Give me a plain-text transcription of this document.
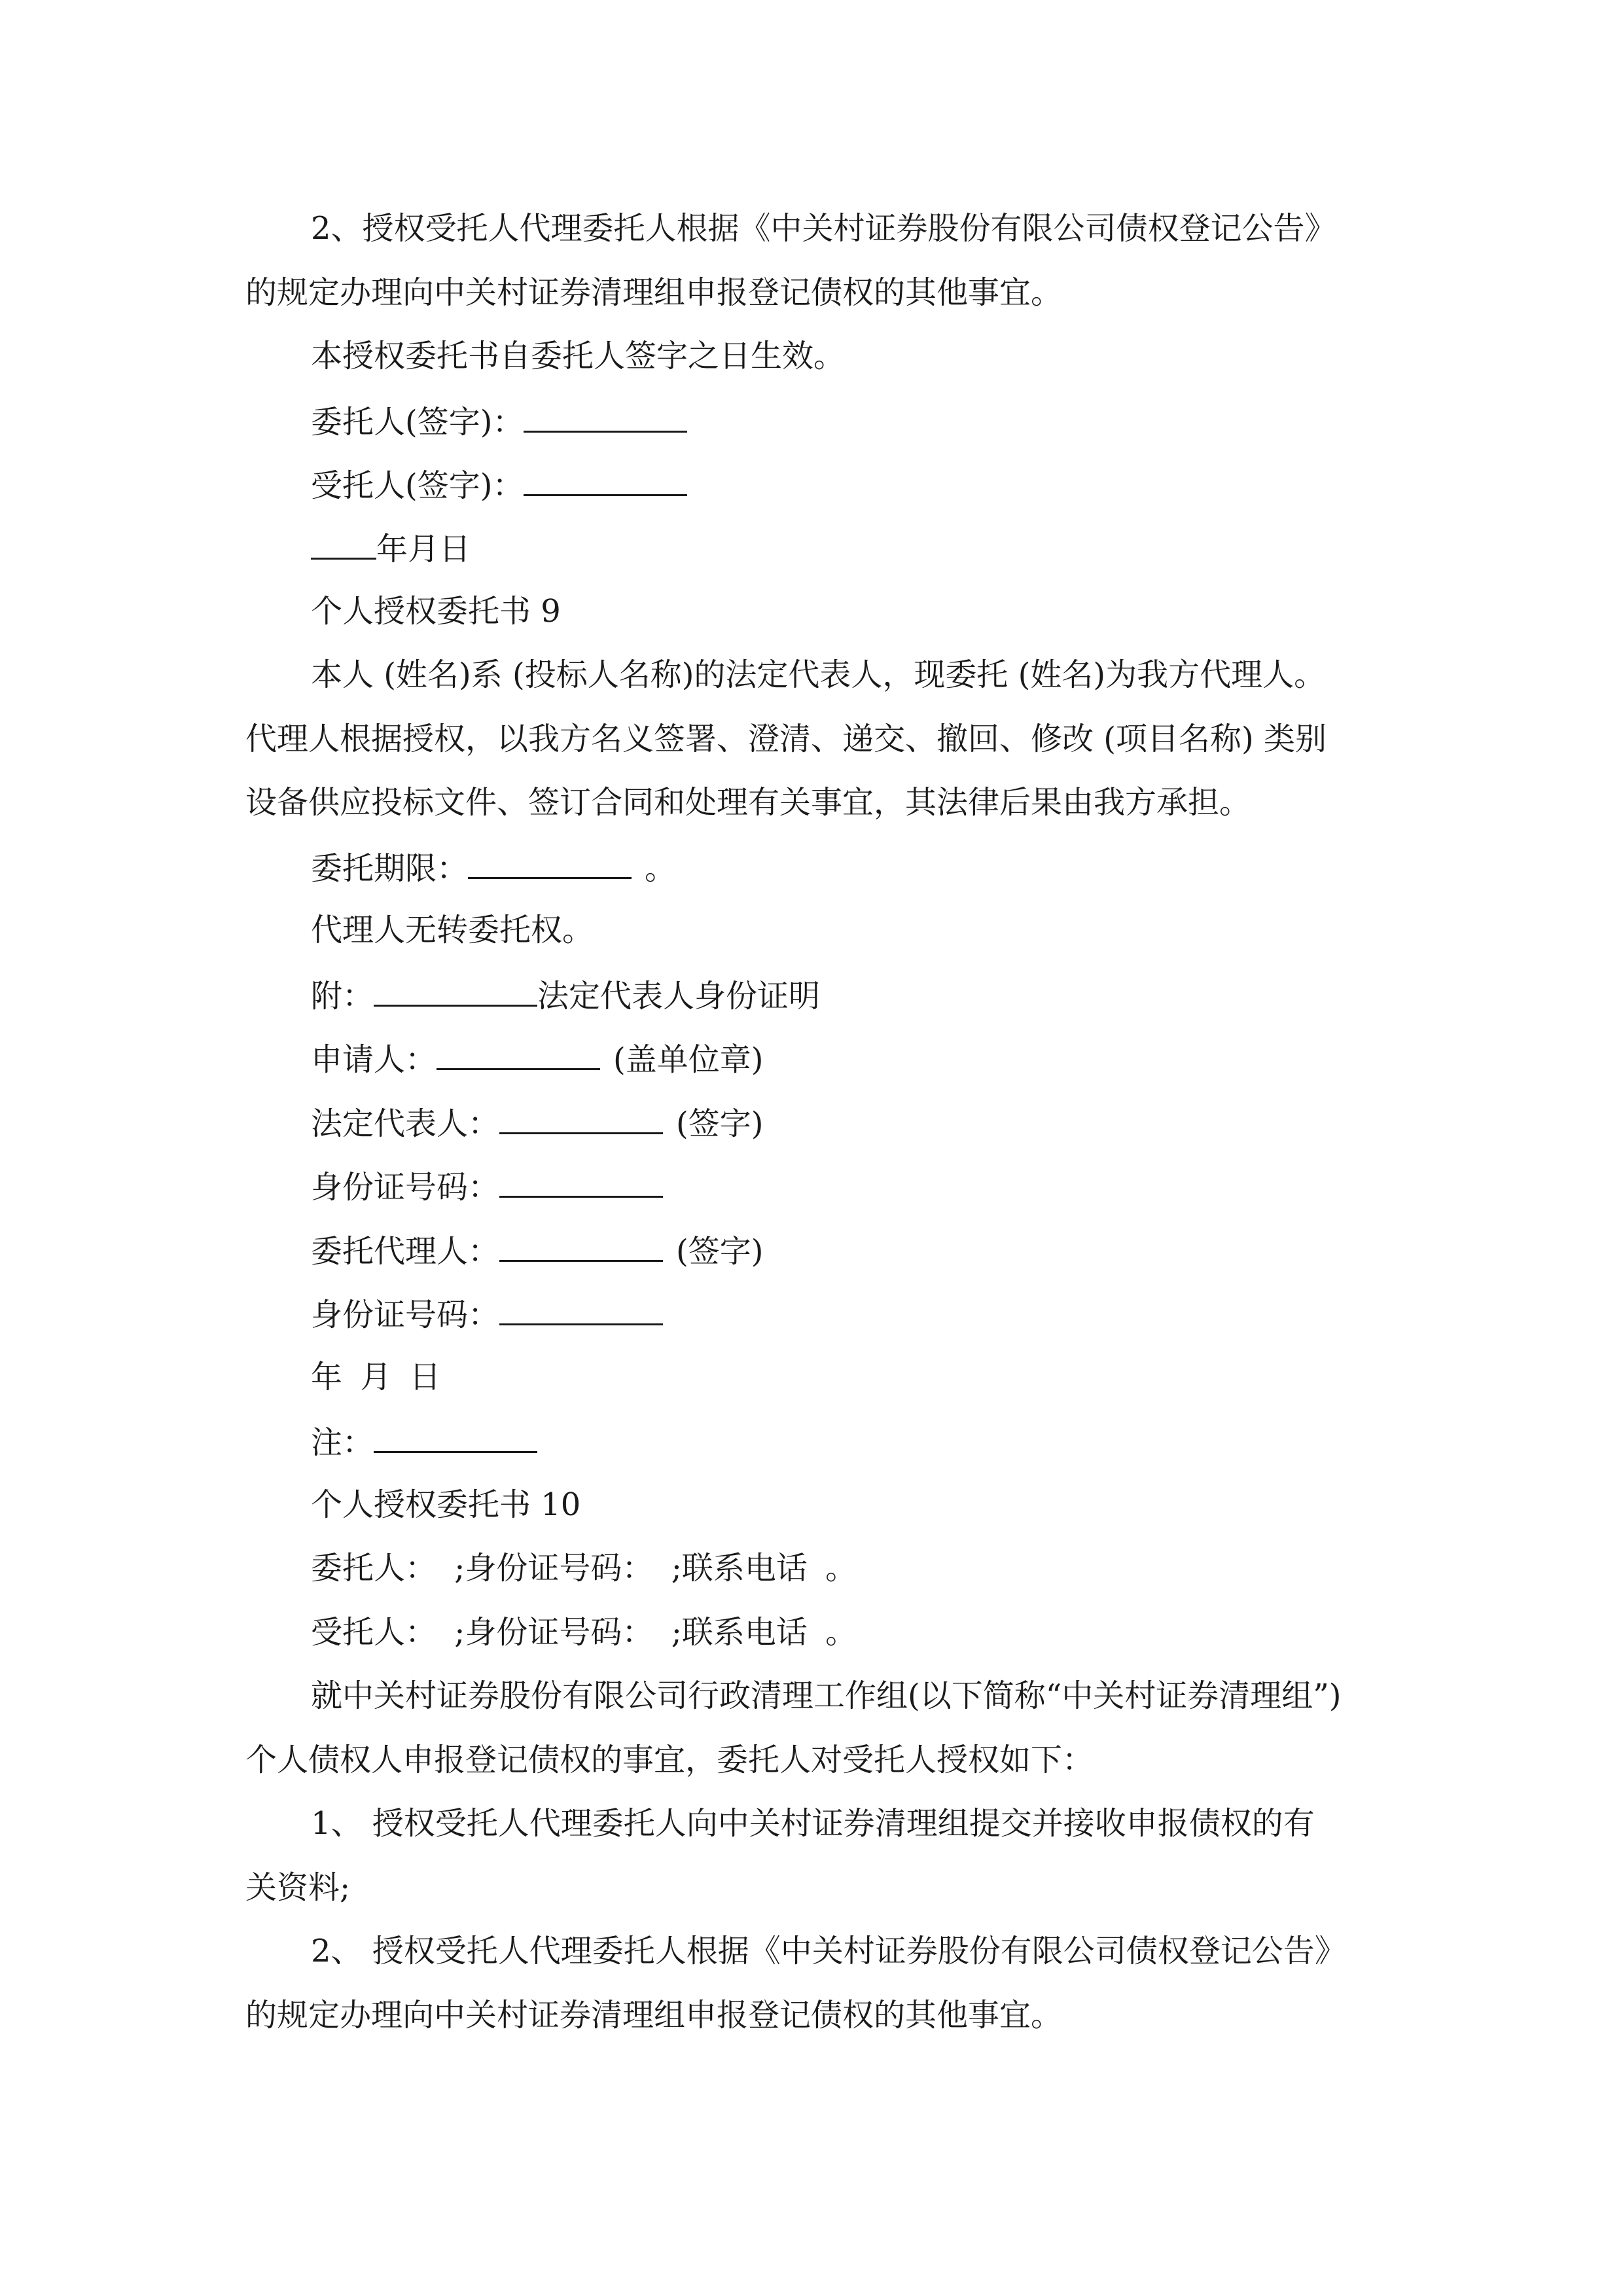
2、授权受托人代理委托人根据《中关村证券股份有限公司债权登记公告》
的规定办理向中关村证券清理组申报登记债权的其他事宜。
本授权委托书自委托人签字之日生效。
委托人(签字)：
受托人(签字)：
年月日
个人授权委托书 9
本人 (姓名)系 (投标人名称)的法定代表人，现委托 (姓名)为我方代理人。
代理人根据授权，以我方名义签署、澄清、递交、撤回、修改 (项目名称) 类别
设备供应投标文件、签订合同和处理有关事宜，其法律后果由我方承担。
委托期限：	。
代理人无转委托权。
附：	法定代表人身份证明
申请人：	(盖单位章)
法定代表人：	(签字)
身份证号码：
委托代理人：	(签字)
身份证号码：
年 月 日
注：
个人授权委托书 10
委托人： ;身份证号码： ;联系电话 。
受托人： ;身份证号码： ;联系电话 。
就中关村证券股份有限公司行政清理工作组(以下简称“中关村证券清理组”)
个人债权人申报登记债权的事宜，委托人对受托人授权如下：
1、 授权受托人代理委托人向中关村证券清理组提交并接收申报债权的有
关资料;
2、 授权受托人代理委托人根据《中关村证券股份有限公司债权登记公告》
的规定办理向中关村证券清理组申报登记债权的其他事宜。
